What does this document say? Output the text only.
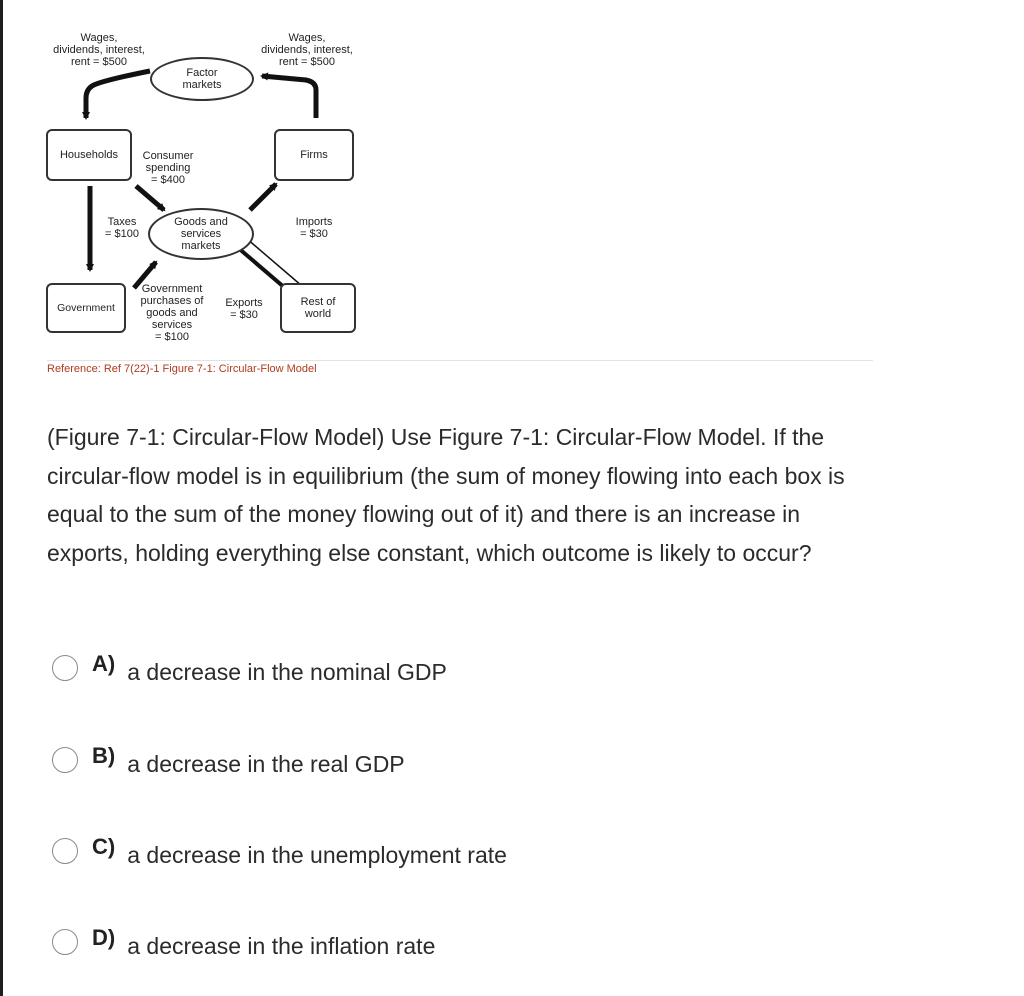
Wages,
dividends, interest,
rent = $500
Wages,
dividends, interest,
rent = $500
Factor
markets
Households	Consumer
spending
= $400
Firms
Taxes
= $100
Goods and
services
markets
Imports
= $30
Government
Government
purchases of
goods and
services
= $100
Exports
= $30
Rest of
world
Reference: Ref 7(22)-1 Figure 7-1: Circular-Flow Model
(Figure 7-1: Circular-Flow Model) Use Figure 7-1: Circular-Flow Model. If the circular-flow model is in equilibrium (the sum of money flowing into each box is equal to the sum of the money flowing out of it) and there is an increase in exports, holding everything else constant, which outcome is likely to occur?
A) a decrease in the nominal GDP
B) a decrease in the real GDP
C) a decrease in the unemployment rate
D) a decrease in the inflation rate
